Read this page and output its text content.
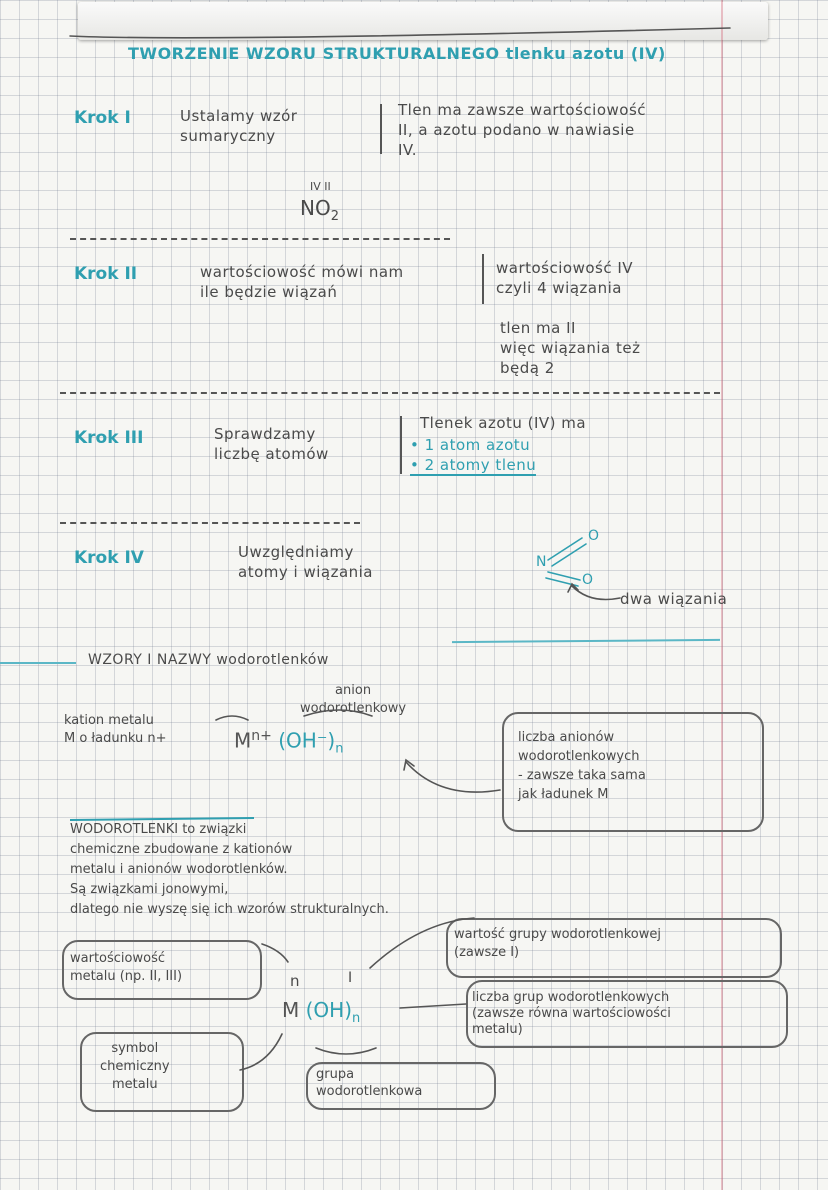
TWORZENIE WZORU STRUKTURALNEGO tlenku azotu (IV)
Krok I	Ustalamy wzór
sumaryczny
Tlen ma zawsze wartościowość
II, a azotu podano w nawiasie
IV.
IV II
$NO_2$
Krok II	wartościowość mówi nam
ile będzie wiązań
wartościowość IV
czyli 4 wiązania
tlen ma II
więc wiązania też
będą 2
Krok III	Sprawdzamy
liczbę atomów
Tlenek azotu (IV) ma
• 1 atom azotu
• 2 atomy tlenu
Krok IV	Uwzględniamy
atomy i wiązania
N
O
O
dwa wiązania
WZORY I NAZWY wodorotlenków
kation metalu
M o ładunku n+
anion
wodorotlenkowy
$M^{n+}$ $(OH^-)_n$
liczba anionów
wodorotlenkowych
- zawsze taka sama
jak ładunek M
WODOROTLENKI to związki
chemiczne zbudowane z kationów
metalu i anionów wodorotlenków.
Są związkami jonowymi,
dlatego nie wyszę się ich wzorów strukturalnych.
wartościowość
metalu (np. II, III)
symbol
chemiczny
metalu
wartość grupy wodorotlenkowej
(zawsze I)
liczba grup wodorotlenkowych
(zawsze równa wartościowości
metalu)
grupa
wodorotlenkowa
n	I
M $(OH)_n$
